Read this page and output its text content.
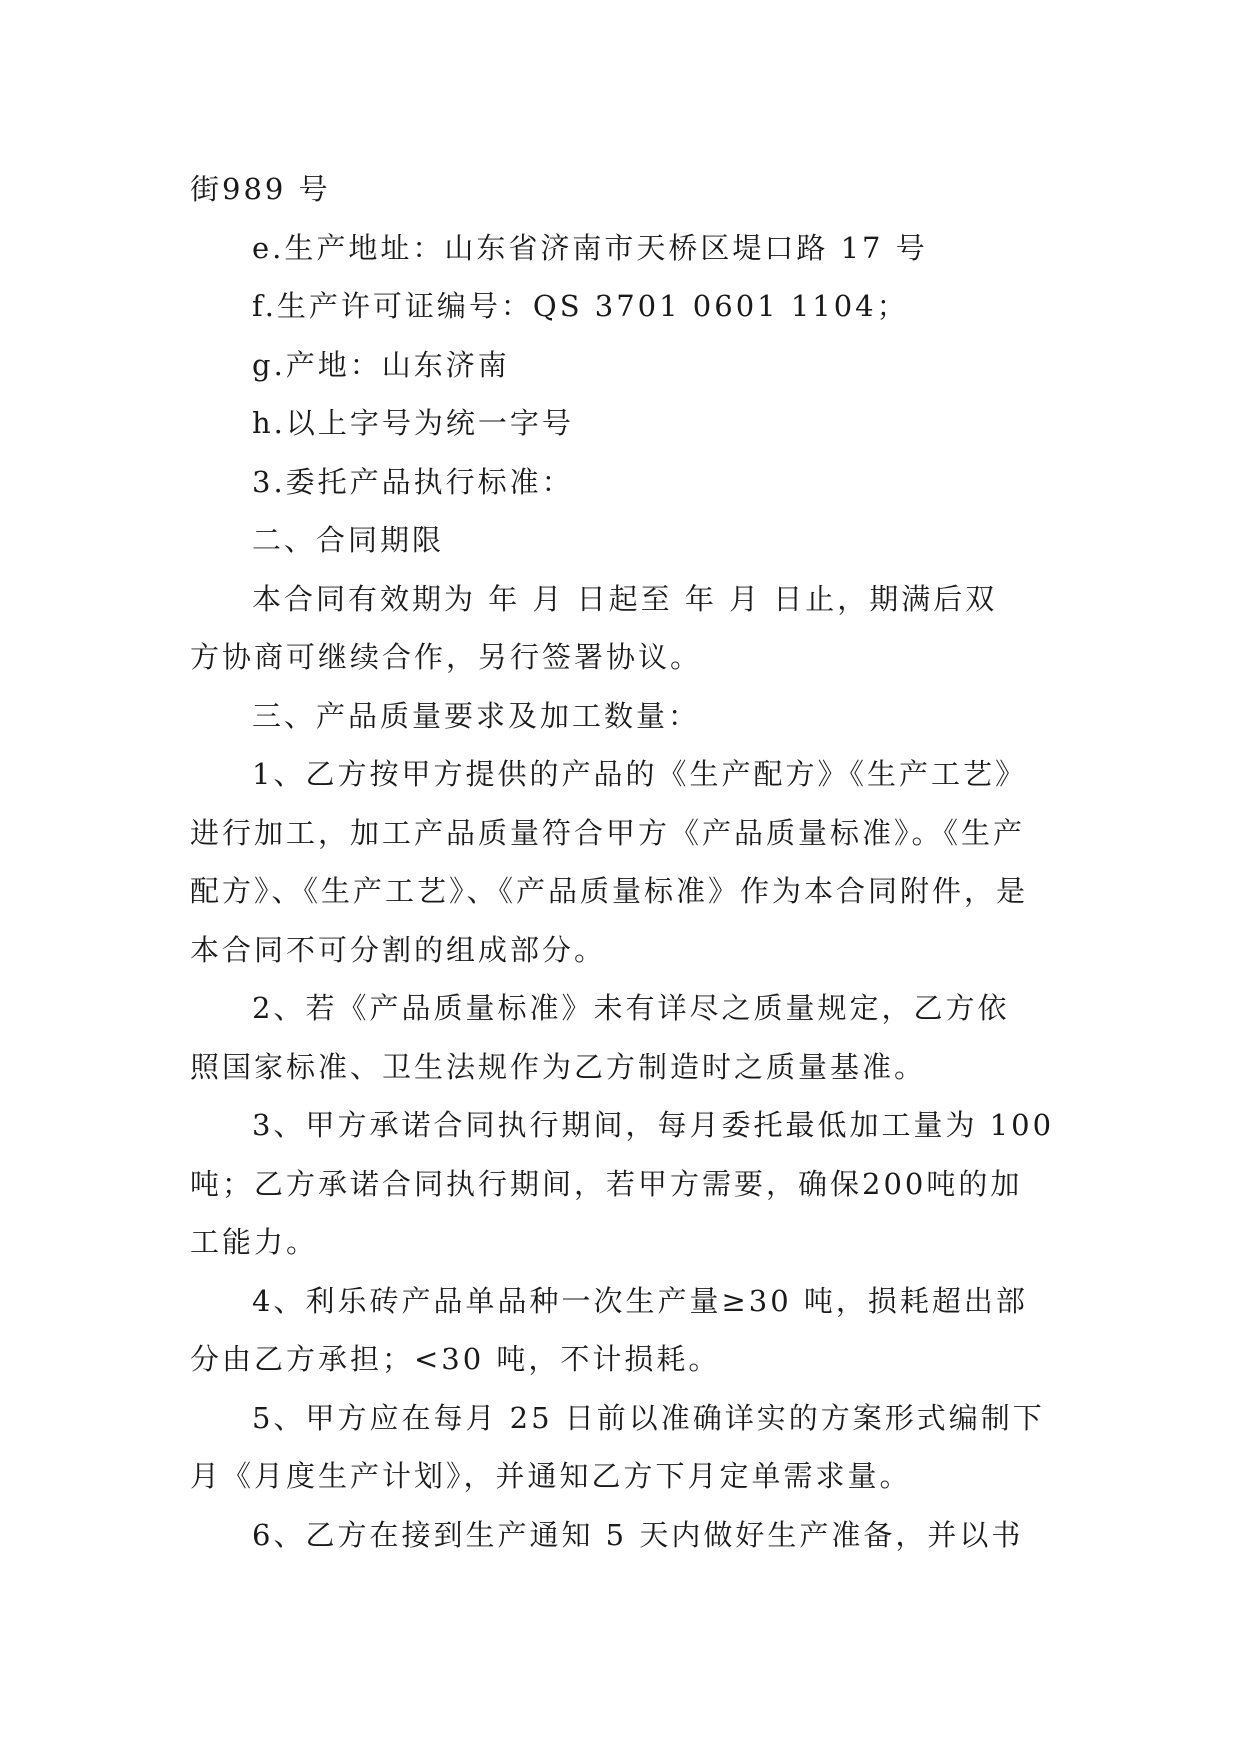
街989 号

e.生产地址：山东省济南市天桥区堤口路 17 号

f.生产许可证编号：QS 3701 0601 1104；

g.产地：山东济南

h.以上字号为统一字号

3.委托产品执行标准：

二、合同期限

本合同有效期为 年 月 日起至 年 月 日止，期满后双

方协商可继续合作，另行签署协议。

三、产品质量要求及加工数量：

1、乙方按甲方提供的产品的《生产配方》《生产工艺》

进行加工，加工产品质量符合甲方《产品质量标准》。《生产

配方》、《生产工艺》、《产品质量标准》作为本合同附件，是

本合同不可分割的组成部分。

2、若《产品质量标准》未有详尽之质量规定，乙方依

照国家标准、卫生法规作为乙方制造时之质量基准。

3、甲方承诺合同执行期间，每月委托最低加工量为 100

吨；乙方承诺合同执行期间，若甲方需要，确保200吨的加

工能力。

4、利乐砖产品单品种一次生产量≥30 吨，损耗超出部

分由乙方承担；<30 吨，不计损耗。

5、甲方应在每月 25 日前以准确详实的方案形式编制下

月《月度生产计划》，并通知乙方下月定单需求量。

6、乙方在接到生产通知 5 天内做好生产准备，并以书
